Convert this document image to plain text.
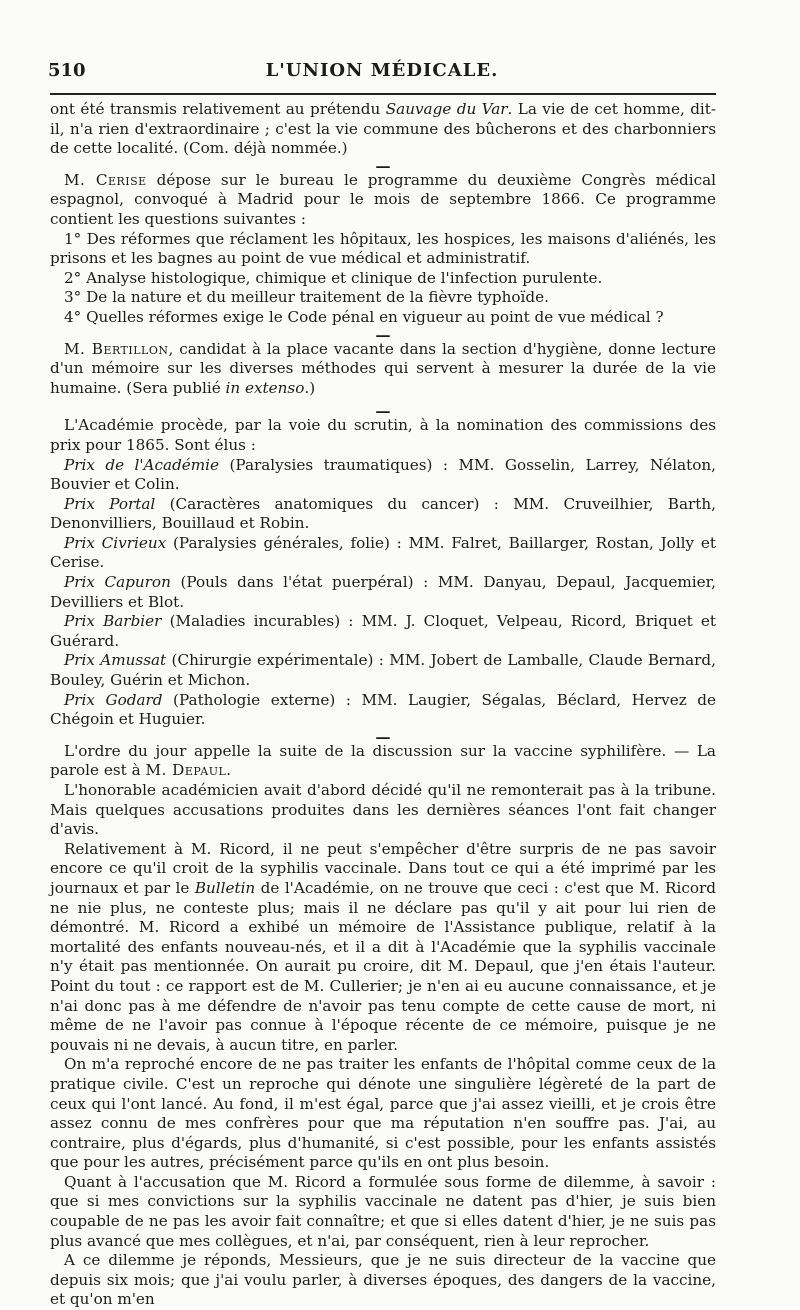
510	L'UNION MÉDICALE.

ont été transmis relativement au prétendu Sauvage du Var. La vie de cet homme, dit-il, n'a rien d'extraordinaire ; c'est la vie commune des bûcherons et des charbonniers de cette localité. (Com. déjà nommée.)

—

M. Cerise dépose sur le bureau le programme du deuxième Congrès médical espagnol, convoqué à Madrid pour le mois de septembre 1866. Ce programme contient les questions suivantes :

1° Des réformes que réclament les hôpitaux, les hospices, les maisons d'aliénés, les prisons et les bagnes au point de vue médical et administratif.

2° Analyse histologique, chimique et clinique de l'infection purulente.

3° De la nature et du meilleur traitement de la fièvre typhoïde.

4° Quelles réformes exige le Code pénal en vigueur au point de vue médical ?

—

M. Bertillon, candidat à la place vacante dans la section d'hygiène, donne lecture d'un mémoire sur les diverses méthodes qui servent à mesurer la durée de la vie humaine. (Sera publié in extenso.)

—

L'Académie procède, par la voie du scrutin, à la nomination des commissions des prix pour 1865. Sont élus :

Prix de l'Académie (Paralysies traumatiques) : MM. Gosselin, Larrey, Nélaton, Bouvier et Colin.

Prix Portal (Caractères anatomiques du cancer) : MM. Cruveilhier, Barth, Denonvilliers, Bouillaud et Robin.

Prix Civrieux (Paralysies générales, folie) : MM. Falret, Baillarger, Rostan, Jolly et Cerise.

Prix Capuron (Pouls dans l'état puerpéral) : MM. Danyau, Depaul, Jacquemier, Devilliers et Blot.

Prix Barbier (Maladies incurables) : MM. J. Cloquet, Velpeau, Ricord, Briquet et Guérard.

Prix Amussat (Chirurgie expérimentale) : MM. Jobert de Lamballe, Claude Bernard, Bouley, Guérin et Michon.

Prix Godard (Pathologie externe) : MM. Laugier, Ségalas, Béclard, Hervez de Chégoin et Huguier.

—

L'ordre du jour appelle la suite de la discussion sur la vaccine syphilifère. — La parole est à M. Depaul.

L'honorable académicien avait d'abord décidé qu'il ne remonterait pas à la tribune. Mais quelques accusations produites dans les dernières séances l'ont fait changer d'avis.

Relativement à M. Ricord, il ne peut s'empêcher d'être surpris de ne pas savoir encore ce qu'il croit de la syphilis vaccinale. Dans tout ce qui a été imprimé par les journaux et par le Bulletin de l'Académie, on ne trouve que ceci : c'est que M. Ricord ne nie plus, ne conteste plus; mais il ne déclare pas qu'il y ait pour lui rien de démontré. M. Ricord a exhibé un mémoire de l'Assistance publique, relatif à la mortalité des enfants nouveau-nés, et il a dit à l'Académie que la syphilis vaccinale n'y était pas mentionnée. On aurait pu croire, dit M. Depaul, que j'en étais l'auteur. Point du tout : ce rapport est de M. Cullerier; je n'en ai eu aucune connaissance, et je n'ai donc pas à me défendre de n'avoir pas tenu compte de cette cause de mort, ni même de ne l'avoir pas connue à l'époque récente de ce mémoire, puisque je ne pouvais ni ne devais, à aucun titre, en parler.

On m'a reproché encore de ne pas traiter les enfants de l'hôpital comme ceux de la pratique civile. C'est un reproche qui dénote une singulière légèreté de la part de ceux qui l'ont lancé. Au fond, il m'est égal, parce que j'ai assez vieilli, et je crois être assez connu de mes confrères pour que ma réputation n'en souffre pas. J'ai, au contraire, plus d'égards, plus d'humanité, si c'est possible, pour les enfants assistés que pour les autres, précisément parce qu'ils en ont plus besoin.

Quant à l'accusation que M. Ricord a formulée sous forme de dilemme, à savoir : que si mes convictions sur la syphilis vaccinale ne datent pas d'hier, je suis bien coupable de ne pas les avoir fait connaître; et que si elles datent d'hier, je ne suis pas plus avancé que mes collègues, et n'ai, par conséquent, rien à leur reprocher.

A ce dilemme je réponds, Messieurs, que je ne suis directeur de la vaccine que depuis six mois; que j'ai voulu parler, à diverses époques, des dangers de la vaccine, et qu'on m'en
